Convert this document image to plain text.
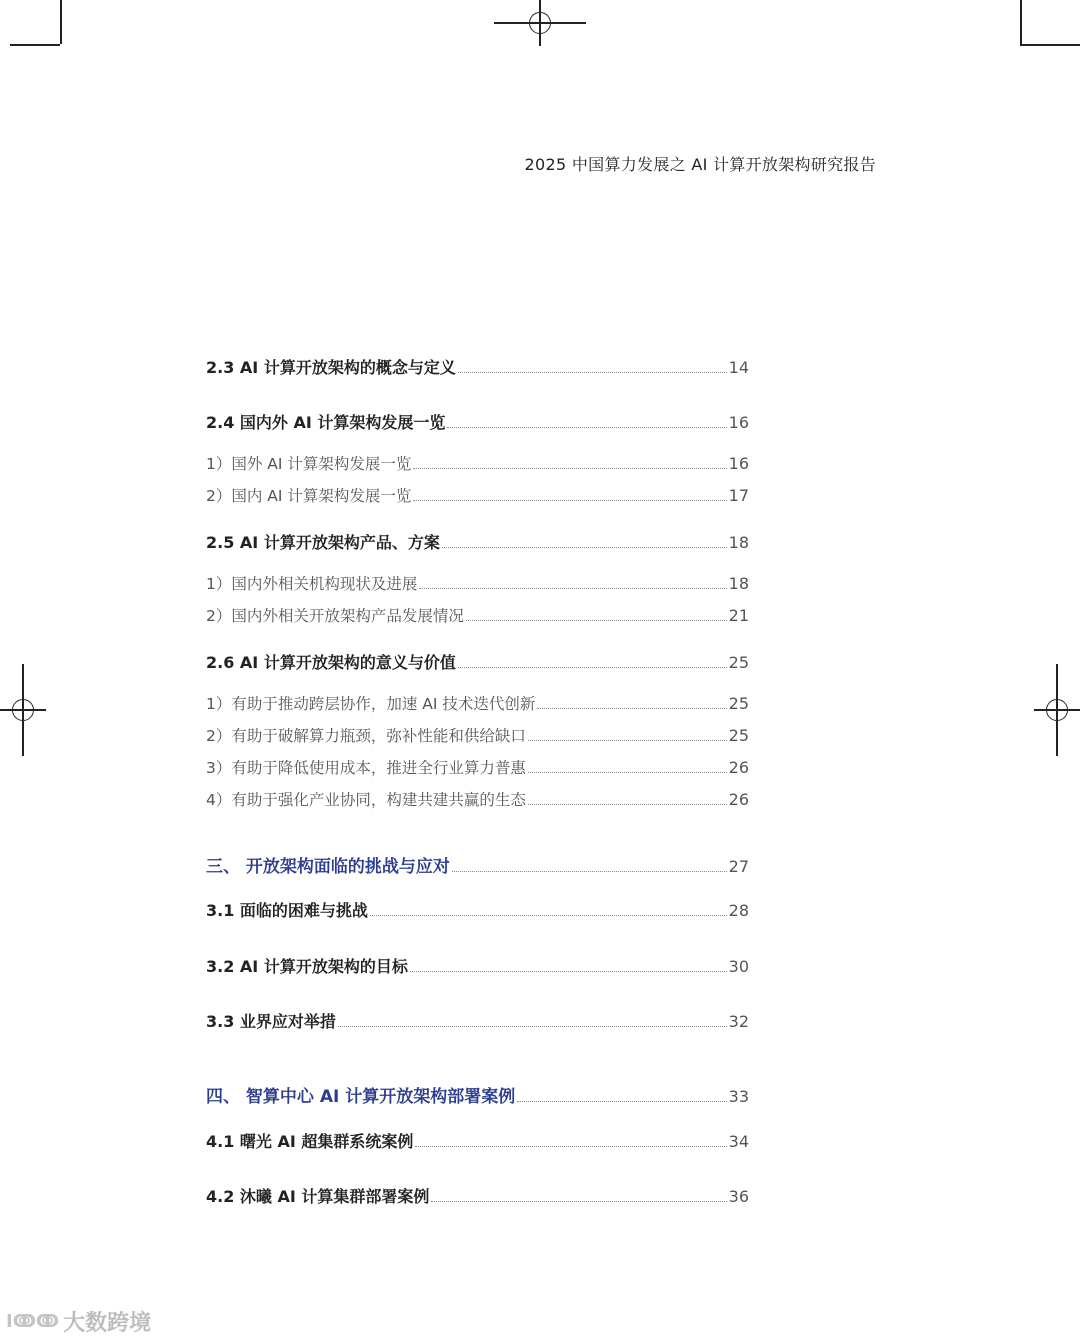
2025 中国算力发展之 AI 计算开放架构研究报告
2.3 AI 计算开放架构的概念与定义	14
2.4 国内外 AI 计算架构发展一览	16
1）国外 AI 计算架构发展一览	16
2）国内 AI 计算架构发展一览	17
2.5 AI 计算开放架构产品、方案	18
1）国内外相关机构现状及进展	18
2）国内外相关开放架构产品发展情况	21
2.6 AI 计算开放架构的意义与价值	25
1）有助于推动跨层协作，加速 AI 技术迭代创新	25
2）有助于破解算力瓶颈，弥补性能和供给缺口	25
3）有助于降低使用成本，推进全行业算力普惠	26
4）有助于强化产业协同，构建共建共赢的生态	26
三、 开放架构面临的挑战与应对	27
3.1 面临的困难与挑战	28
3.2 AI 计算开放架构的目标	30
3.3 业界应对举措	32
四、 智算中心 AI 计算开放架构部署案例	33
4.1 曙光 AI 超集群系统案例	34
4.2 沐曦 AI 计算集群部署案例	36
Iↂↂ 大数跨境
